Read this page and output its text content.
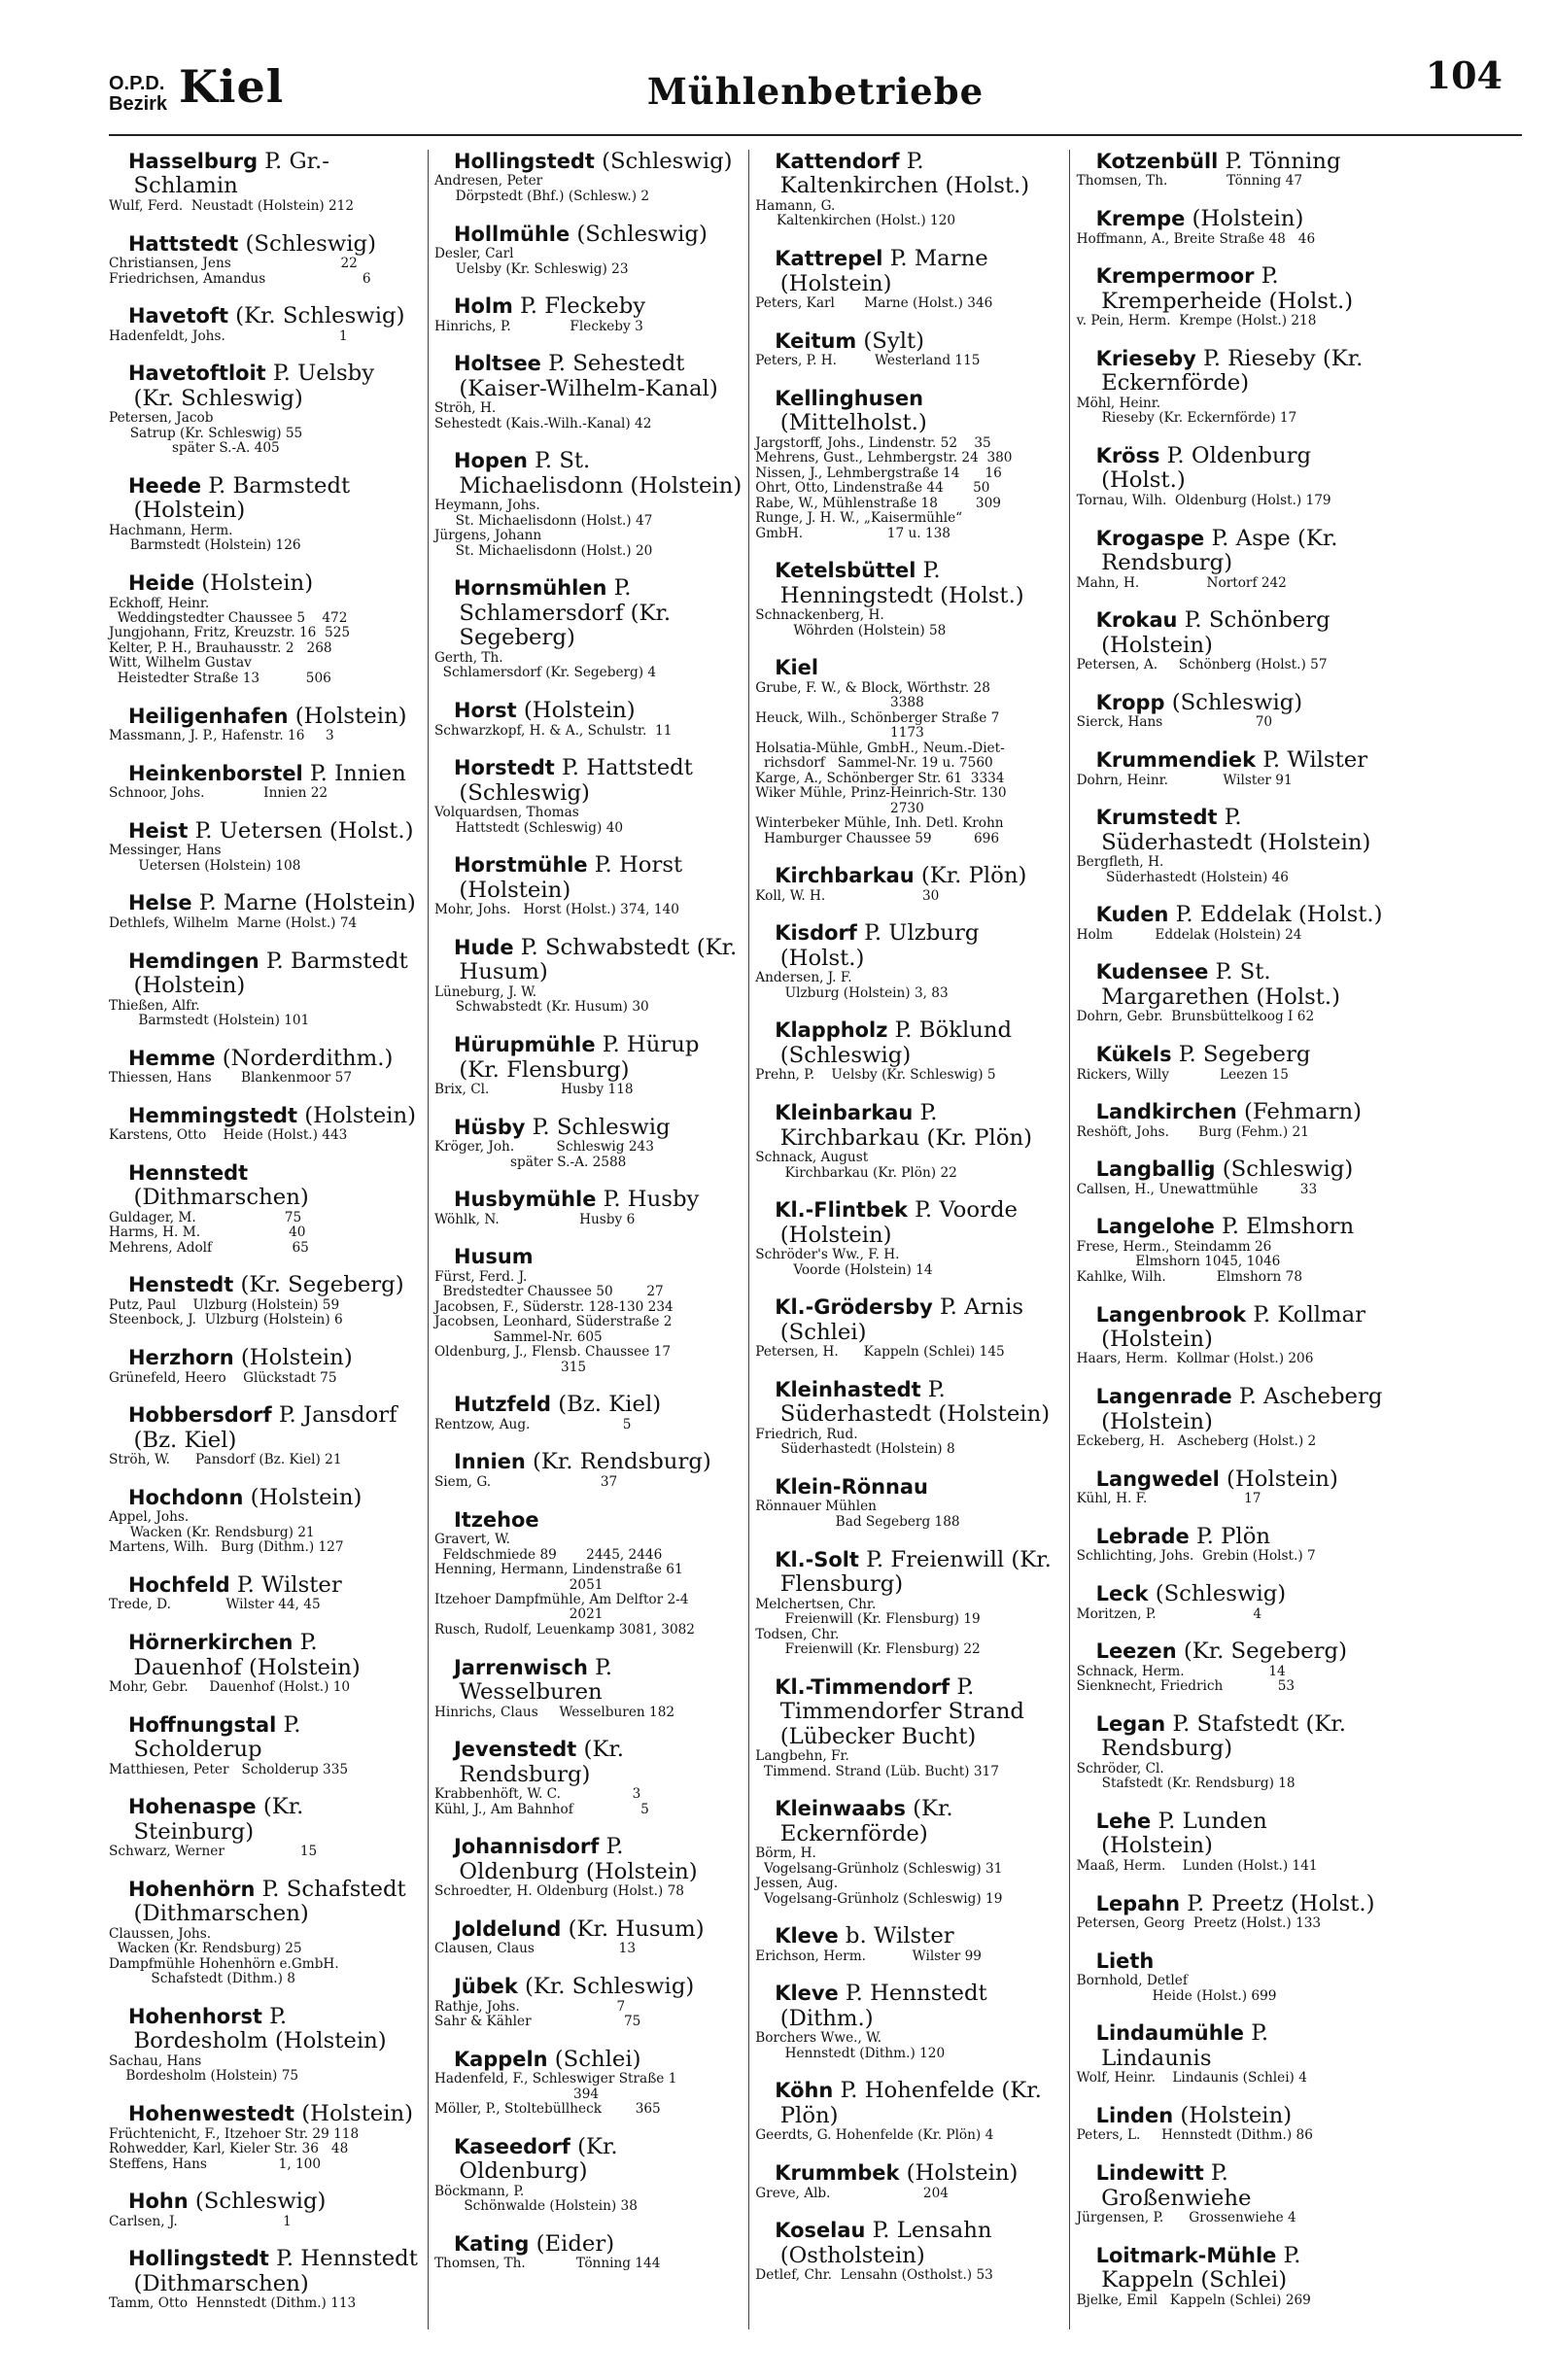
O.P.D.
Bezirk Kiel	Mühlenbetriebe	104
Hasselburg P. Gr.-Schlamin
Wulf, Ferd.  Neustadt (Holstein) 212
Hattstedt (Schleswig)
Christiansen, Jens                          22
Friedrichsen, Amandus                       6
Havetoft (Kr. Schleswig)
Hadenfeldt, Johs.                           1
Havetoftloit P. Uelsby (Kr. Schleswig)
Petersen, Jacob
Satrup (Kr. Schleswig) 55
später S.-A. 405
Heede P. Barmstedt (Holstein)
Hachmann, Herm.
Barmstedt (Holstein) 126
Heide (Holstein)
Eckhoff, Heinr.
Weddingstedter Chaussee 5    472
Jungjohann, Fritz, Kreuzstr. 16  525
Kelter, P. H., Brauhausstr. 2   268
Witt, Wilhelm Gustav
Heistedter Straße 13           506
Heiligenhafen (Holstein)
Massmann, J. P., Hafenstr. 16     3
Heinkenborstel P. Innien
Schnoor, Johs.              Innien 22
Heist P. Uetersen (Holst.)
Messinger, Hans
Uetersen (Holstein) 108
Helse P. Marne (Holstein)
Dethlefs, Wilhelm  Marne (Holst.) 74
Hemdingen P. Barmstedt (Holstein)
Thießen, Alfr.
Barmstedt (Holstein) 101
Hemme (Norderdithm.)
Thiessen, Hans       Blankenmoor 57
Hemmingstedt (Holstein)
Karstens, Otto    Heide (Holst.) 443
Hennstedt (Dithmarschen)
Guldager, M.                     75
Harms, H. M.                     40
Mehrens, Adolf                   65
Henstedt (Kr. Segeberg)
Putz, Paul    Ulzburg (Holstein) 59
Steenbock, J.  Ulzburg (Holstein) 6
Herzhorn (Holstein)
Grünefeld, Heero    Glückstadt 75
Hobbersdorf P. Jansdorf (Bz. Kiel)
Ströh, W.      Pansdorf (Bz. Kiel) 21
Hochdonn (Holstein)
Appel, Johs.
Wacken (Kr. Rendsburg) 21
Martens, Wilh.   Burg (Dithm.) 127
Hochfeld P. Wilster
Trede, D.             Wilster 44, 45
Hörnerkirchen P. Dauenhof (Holstein)
Mohr, Gebr.     Dauenhof (Holst.) 10
Hoffnungstal P. Scholderup
Matthiesen, Peter   Scholderup 335
Hohenaspe (Kr. Steinburg)
Schwarz, Werner                  15
Hohenhörn P. Schafstedt (Dithmarschen)
Claussen, Johs.
Wacken (Kr. Rendsburg) 25
Dampfmühle Hohenhörn e.GmbH.
Schafstedt (Dithm.) 8
Hohenhorst P. Bordesholm (Holstein)
Sachau, Hans
Bordesholm (Holstein) 75
Hohenwestedt (Holstein)
Früchtenicht, F., Itzehoer Str. 29 118
Rohwedder, Karl, Kieler Str. 36   48
Steffens, Hans                 1, 100
Hohn (Schleswig)
Carlsen, J.                         1
Hollingstedt P. Hennstedt (Dithmarschen)
Tamm, Otto  Hennstedt (Dithm.) 113
Hollingstedt (Schleswig)
Andresen, Peter
Dörpstedt (Bhf.) (Schlesw.) 2
Hollmühle (Schleswig)
Desler, Carl
Uelsby (Kr. Schleswig) 23
Holm P. Fleckeby
Hinrichs, P.              Fleckeby 3
Holtsee P. Sehestedt (Kaiser-Wilhelm-Kanal)
Ströh, H.
Sehestedt (Kais.-Wilh.-Kanal) 42
Hopen P. St. Michaelisdonn (Holstein)
Heymann, Johs.
St. Michaelisdonn (Holst.) 47
Jürgens, Johann
St. Michaelisdonn (Holst.) 20
Hornsmühlen P. Schlamersdorf (Kr. Segeberg)
Gerth, Th.
Schlamersdorf (Kr. Segeberg) 4
Horst (Holstein)
Schwarzkopf, H. & A., Schulstr.  11
Horstedt P. Hattstedt (Schleswig)
Volquardsen, Thomas
Hattstedt (Schleswig) 40
Horstmühle P. Horst (Holstein)
Mohr, Johs.   Horst (Holst.) 374, 140
Hude P. Schwabstedt (Kr. Husum)
Lüneburg, J. W.
Schwabstedt (Kr. Husum) 30
Hürupmühle P. Hürup (Kr. Flensburg)
Brix, Cl.                 Husby 118
Hüsby P. Schleswig
Kröger, Joh.          Schleswig 243
später S.-A. 2588
Husbymühle P. Husby
Wöhlk, N.                   Husby 6
Husum
Fürst, Ferd. J.
Bredstedter Chaussee 50        27
Jacobsen, F., Süderstr. 128-130 234
Jacobsen, Leonhard, Süderstraße 2
Sammel-Nr. 605
Oldenburg, J., Flensb. Chaussee 17
315
Hutzfeld (Bz. Kiel)
Rentzow, Aug.                      5
Innien (Kr. Rendsburg)
Siem, G.                          37
Itzehoe
Gravert, W.
Feldschmiede 89       2445, 2446
Henning, Hermann, Lindenstraße 61
2051
Itzehoer Dampfmühle, Am Delftor 2-4
2021
Rusch, Rudolf, Leuenkamp 3081, 3082
Jarrenwisch P. Wesselburen
Hinrichs, Claus     Wesselburen 182
Jevenstedt (Kr. Rendsburg)
Krabbenhöft, W. C.                 3
Kühl, J., Am Bahnhof                5
Johannisdorf P. Oldenburg (Holstein)
Schroedter, H. Oldenburg (Holst.) 78
Joldelund (Kr. Husum)
Clausen, Claus                    13
Jübek (Kr. Schleswig)
Rathje, Johs.                       7
Sahr & Kähler                      75
Kappeln (Schlei)
Hadenfeld, F., Schleswiger Straße 1
394
Möller, P., Stoltebüllheck        365
Kaseedorf (Kr. Oldenburg)
Böckmann, P.
Schönwalde (Holstein) 38
Kating (Eider)
Thomsen, Th.            Tönning 144
Kattendorf P. Kaltenkirchen (Holst.)
Hamann, G.
Kaltenkirchen (Holst.) 120
Kattrepel P. Marne (Holstein)
Peters, Karl       Marne (Holst.) 346
Keitum (Sylt)
Peters, P. H.         Westerland 115
Kellinghusen (Mittelholst.)
Jargstorff, Johs., Lindenstr. 52    35
Mehrens, Gust., Lehmbergstr. 24  380
Nissen, J., Lehmbergstraße 14      16
Ohrt, Otto, Lindenstraße 44       50
Rabe, W., Mühlenstraße 18         309
Runge, J. H. W., „Kaisermühle“
GmbH.                    17 u. 138
Ketelsbüttel P. Henningstedt (Holst.)
Schnackenberg, H.
Wöhrden (Holstein) 58
Kiel
Grube, F. W., & Block, Wörthstr. 28
3388
Heuck, Wilh., Schönberger Straße 7
1173
Holsatia-Mühle, GmbH., Neum.-Diet-
richsdorf   Sammel-Nr. 19 u. 7560
Karge, A., Schönberger Str. 61  3334
Wiker Mühle, Prinz-Heinrich-Str. 130
2730
Winterbeker Mühle, Inh. Detl. Krohn
Hamburger Chaussee 59          696
Kirchbarkau (Kr. Plön)
Koll, W. H.                       30
Kisdorf P. Ulzburg (Holst.)
Andersen, J. F.
Ulzburg (Holstein) 3, 83
Klappholz P. Böklund (Schleswig)
Prehn, P.    Uelsby (Kr. Schleswig) 5
Kleinbarkau P. Kirchbarkau (Kr. Plön)
Schnack, August
Kirchbarkau (Kr. Plön) 22
Kl.-Flintbek P. Voorde (Holstein)
Schröder's Ww., F. H.
Voorde (Holstein) 14
Kl.-Grödersby P. Arnis (Schlei)
Petersen, H.      Kappeln (Schlei) 145
Kleinhastedt P. Süderhastedt (Holstein)
Friedrich, Rud.
Süderhastedt (Holstein) 8
Klein-Rönnau
Rönnauer Mühlen
Bad Segeberg 188
Kl.-Solt P. Freienwill (Kr. Flensburg)
Melchertsen, Chr.
Freienwill (Kr. Flensburg) 19
Todsen, Chr.
Freienwill (Kr. Flensburg) 22
Kl.-Timmendorf P. Timmendorfer Strand (Lübecker Bucht)
Langbehn, Fr.
Timmend. Strand (Lüb. Bucht) 317
Kleinwaabs (Kr. Eckernförde)
Börm, H.
Vogelsang-Grünholz (Schleswig) 31
Jessen, Aug.
Vogelsang-Grünholz (Schleswig) 19
Kleve b. Wilster
Erichson, Herm.           Wilster 99
Kleve P. Hennstedt (Dithm.)
Borchers Wwe., W.
Hennstedt (Dithm.) 120
Köhn P. Hohenfelde (Kr. Plön)
Geerdts, G. Hohenfelde (Kr. Plön) 4
Krummbek (Holstein)
Greve, Alb.                      204
Koselau P. Lensahn (Ostholstein)
Detlef, Chr.  Lensahn (Ostholst.) 53
Kotzenbüll P. Tönning
Thomsen, Th.              Tönning 47
Krempe (Holstein)
Hoffmann, A., Breite Straße 48   46
Krempermoor P. Kremperheide (Holst.)
v. Pein, Herm.  Krempe (Holst.) 218
Krieseby P. Rieseby (Kr. Eckernförde)
Möhl, Heinr.
Rieseby (Kr. Eckernförde) 17
Kröss P. Oldenburg (Holst.)
Tornau, Wilh.  Oldenburg (Holst.) 179
Krogaspe P. Aspe (Kr. Rendsburg)
Mahn, H.                Nortorf 242
Krokau P. Schönberg (Holstein)
Petersen, A.     Schönberg (Holst.) 57
Kropp (Schleswig)
Sierck, Hans                      70
Krummendiek P. Wilster
Dohrn, Heinr.             Wilster 91
Krumstedt P. Süderhastedt (Holstein)
Bergfleth, H.
Süderhastedt (Holstein) 46
Kuden P. Eddelak (Holst.)
Holm          Eddelak (Holstein) 24
Kudensee P. St. Margarethen (Holst.)
Dohrn, Gebr.  Brunsbüttelkoog I 62
Kükels P. Segeberg
Rickers, Willy            Leezen 15
Landkirchen (Fehmarn)
Reshöft, Johs.       Burg (Fehm.) 21
Langballig (Schleswig)
Callsen, H., Unewattmühle          33
Langelohe P. Elmshorn
Frese, Herm., Steindamm 26
Elmshorn 1045, 1046
Kahlke, Wilh.            Elmshorn 78
Langenbrook P. Kollmar (Holstein)
Haars, Herm.  Kollmar (Holst.) 206
Langenrade P. Ascheberg (Holstein)
Eckeberg, H.   Ascheberg (Holst.) 2
Langwedel (Holstein)
Kühl, H. F.                       17
Lebrade P. Plön
Schlichting, Johs.  Grebin (Holst.) 7
Leck (Schleswig)
Moritzen, P.                       4
Leezen (Kr. Segeberg)
Schnack, Herm.                    14
Sienknecht, Friedrich             53
Legan P. Stafstedt (Kr. Rendsburg)
Schröder, Cl.
Stafstedt (Kr. Rendsburg) 18
Lehe P. Lunden (Holstein)
Maaß, Herm.    Lunden (Holst.) 141
Lepahn P. Preetz (Holst.)
Petersen, Georg  Preetz (Holst.) 133
Lieth
Bornhold, Detlef
Heide (Holst.) 699
Lindaumühle P. Lindaunis
Wolf, Heinr.    Lindaunis (Schlei) 4
Linden (Holstein)
Peters, L.     Hennstedt (Dithm.) 86
Lindewitt P. Großenwiehe
Jürgensen, P.      Grossenwiehe 4
Loitmark-Mühle P. Kappeln (Schlei)
Bjelke, Emil   Kappeln (Schlei) 269
